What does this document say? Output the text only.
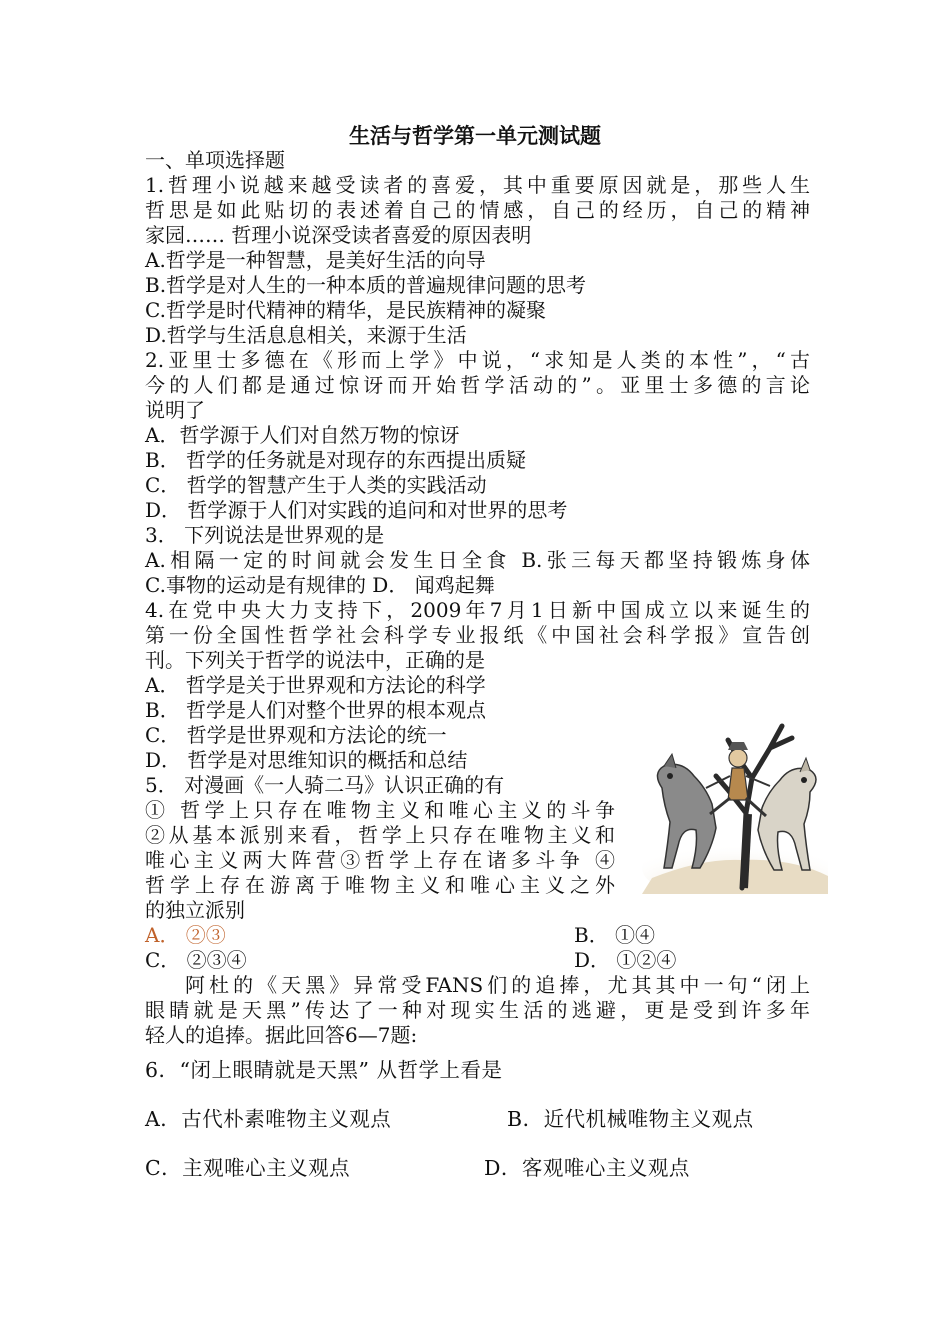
生活与哲学第一单元测试题
一、单项选择题
1.哲理小说越来越受读者的喜爱，其中重要原因就是，那些人生
哲思是如此贴切的表述着自己的情感，自己的经历，自己的精神
家园…… 哲理小说深受读者喜爱的原因表明
A.哲学是一种智慧，是美好生活的向导
B.哲学是对人生的一种本质的普遍规律问题的思考
C.哲学是时代精神的精华，是民族精神的凝聚
D.哲学与生活息息相关，来源于生活
2.亚里士多德在《形而上学》中说，“求知是人类的本性”，“古
今的人们都是通过惊讶而开始哲学活动的”。亚里士多德的言论
说明了
A．哲学源于人们对自然万物的惊讶
B． 哲学的任务就是对现存的东西提出质疑
C． 哲学的智慧产生于人类的实践活动
D． 哲学源于人们对实践的追问和对世界的思考
3． 下列说法是世界观的是
A.相隔一定的时间就会发生日全食 B.张三每天都坚持锻炼身体
C.事物的运动是有规律的 D． 闻鸡起舞
4.在党中央大力支持下，2009年7月1日新中国成立以来诞生的
第一份全国性哲学社会科学专业报纸《中国社会科学报》宣告创
刊。下列关于哲学的说法中，正确的是
A． 哲学是关于世界观和方法论的科学
B． 哲学是人们对整个世界的根本观点
C． 哲学是世界观和方法论的统一
D． 哲学是对思维知识的概括和总结
5． 对漫画《一人骑二马》认识正确的有
① 哲学上只存在唯物主义和唯心主义的斗争
②从基本派别来看，哲学上只存在唯物主义和
唯心主义两大阵营③哲学上存在诸多斗争 ④
哲学上存在游离于唯物主义和唯心主义之外
的独立派别
A． ②③	B． ①④
C． ②③④	D． ①②④
阿杜的《天黑》异常受FANS们的追捧，尤其其中一句“闭上
眼睛就是天黑”传达了一种对现实生活的逃避，更是受到许多年
轻人的追捧。据此回答6—7题:
6．“闭上眼睛就是天黑” 从哲学上看是
A．古代朴素唯物主义观点	B．近代机械唯物主义观点
C．主观唯心主义观点	D．客观唯心主义观点
